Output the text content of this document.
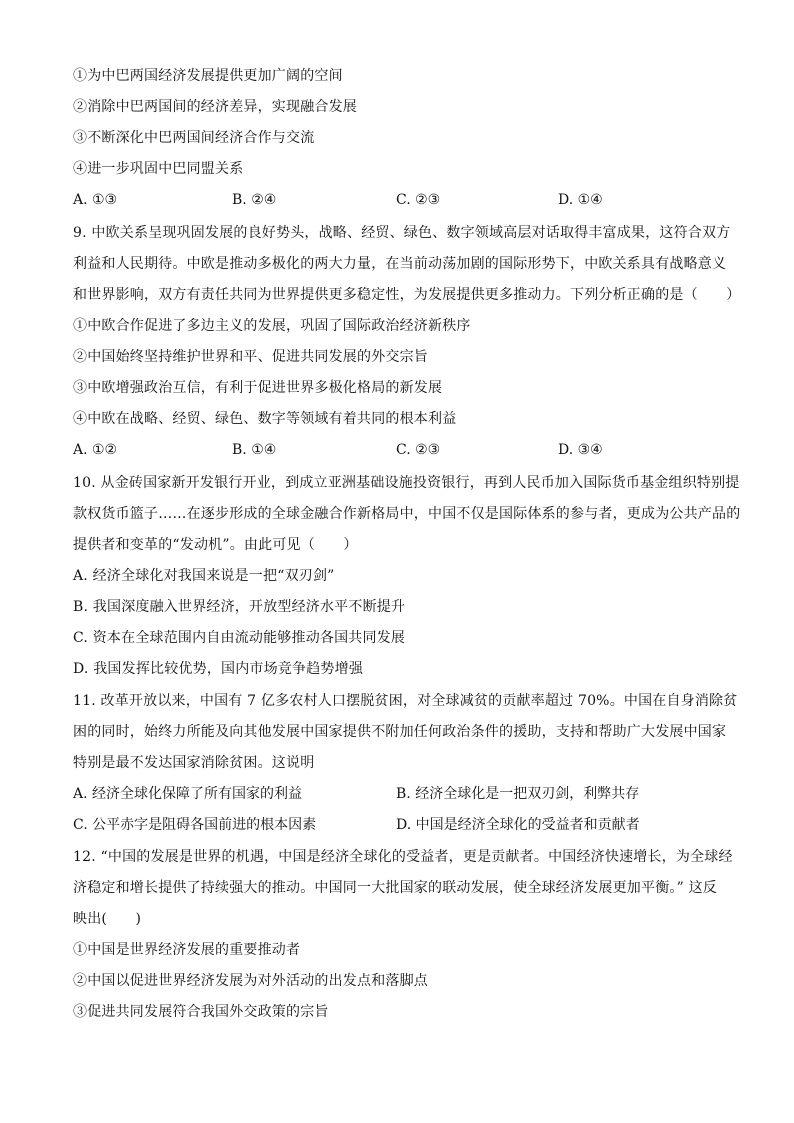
①为中巴两国经济发展提供更加广阔的空间
②消除中巴两国间的经济差异，实现融合发展
③不断深化中巴两国间经济合作与交流
④进一步巩固中巴同盟关系
A. ①③	B. ②④	C. ②③	D. ①④
9. 中欧关系呈现巩固发展的良好势头，战略、经贸、绿色、数字领域高层对话取得丰富成果，这符合双方
利益和人民期待。中欧是推动多极化的两大力量，在当前动荡加剧的国际形势下，中欧关系具有战略意义
和世界影响，双方有责任共同为世界提供更多稳定性，为发展提供更多推动力。下列分析正确的是（　　）
①中欧合作促进了多边主义的发展，巩固了国际政治经济新秩序
②中国始终坚持维护世界和平、促进共同发展的外交宗旨
③中欧增强政治互信，有利于促进世界多极化格局的新发展
④中欧在战略、经贸、绿色、数字等领域有着共同的根本利益
A. ①②	B. ①④	C. ②③	D. ③④
10. 从金砖国家新开发银行开业，到成立亚洲基础设施投资银行，再到人民币加入国际货币基金组织特别提
款权货币篮子……在逐步形成的全球金融合作新格局中，中国不仅是国际体系的参与者，更成为公共产品的
提供者和变革的“发动机”。由此可见（　　）
A. 经济全球化对我国来说是一把“双刃剑”
B. 我国深度融入世界经济，开放型经济水平不断提升
C. 资本在全球范围内自由流动能够推动各国共同发展
D. 我国发挥比较优势，国内市场竞争趋势增强
11. 改革开放以来，中国有 7 亿多农村人口摆脱贫困，对全球减贫的贡献率超过 70%。中国在自身消除贫
困的同时，始终力所能及向其他发展中国家提供不附加任何政治条件的援助，支持和帮助广大发展中国家
特别是最不发达国家消除贫困。这说明
A. 经济全球化保障了所有国家的利益	B. 经济全球化是一把双刃剑，利弊共存
C. 公平赤字是阻碍各国前进的根本因素	D. 中国是经济全球化的受益者和贡献者
12. “中国的发展是世界的机遇，中国是经济全球化的受益者，更是贡献者。中国经济快速增长，为全球经
济稳定和增长提供了持续强大的推动。中国同一大批国家的联动发展，使全球经济发展更加平衡。” 这反
映出(　　)
①中国是世界经济发展的重要推动者
②中国以促进世界经济发展为对外活动的出发点和落脚点
③促进共同发展符合我国外交政策的宗旨
